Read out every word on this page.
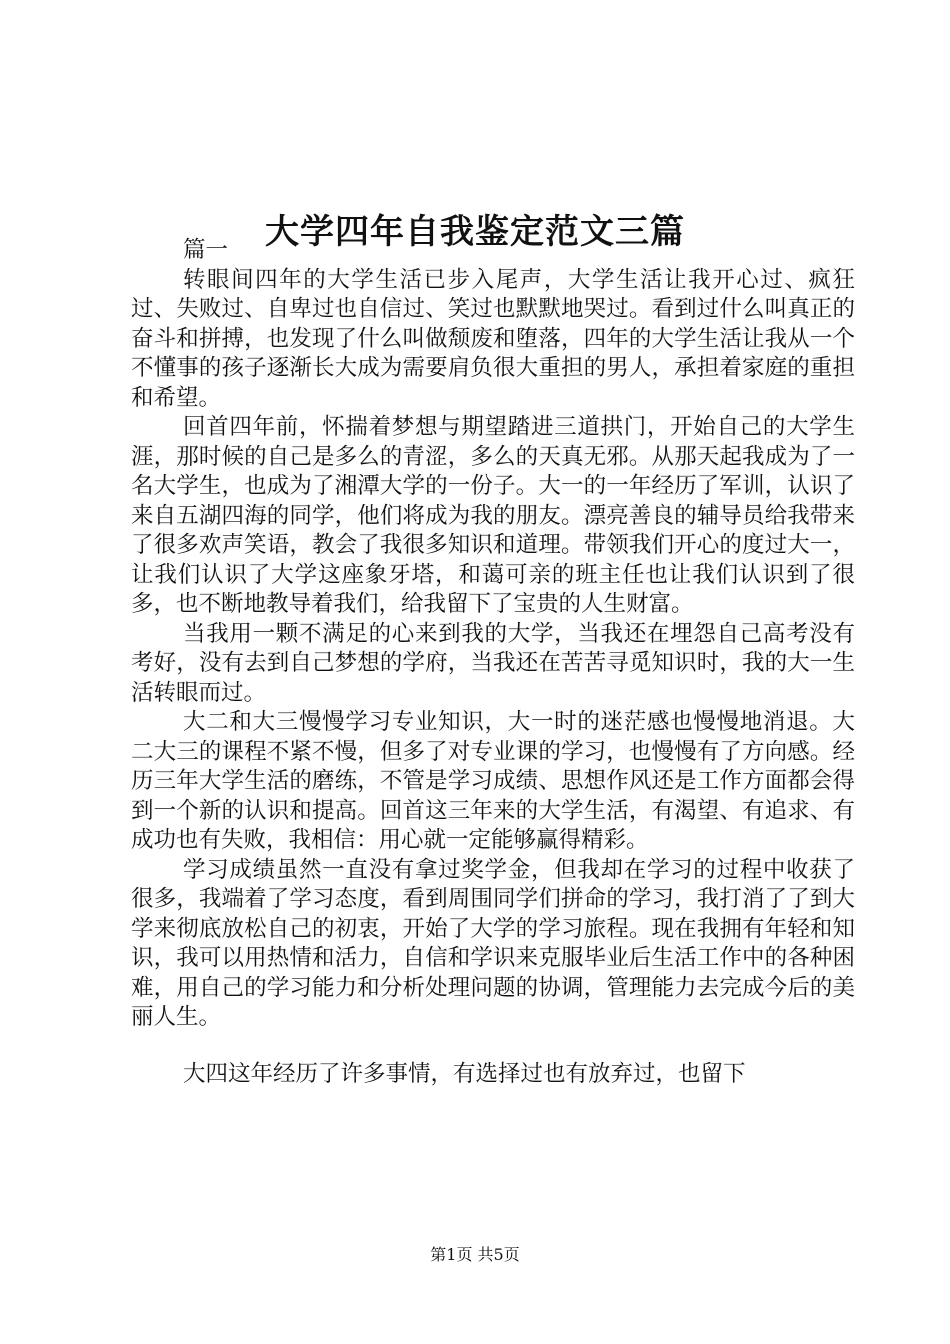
大学四年自我鉴定范文三篇

篇一

转眼间四年的大学生活已步入尾声，大学生活让我开心过、疯狂过、失败过、自卑过也自信过、笑过也默默地哭过。看到过什么叫真正的奋斗和拼搏，也发现了什么叫做颓废和堕落，四年的大学生活让我从一个不懂事的孩子逐渐长大成为需要肩负很大重担的男人，承担着家庭的重担和希望。

回首四年前，怀揣着梦想与期望踏进三道拱门，开始自己的大学生涯，那时候的自己是多么的青涩，多么的天真无邪。从那天起我成为了一名大学生，也成为了湘潭大学的一份子。大一的一年经历了军训，认识了来自五湖四海的同学，他们将成为我的朋友。漂亮善良的辅导员给我带来了很多欢声笑语，教会了我很多知识和道理。带领我们开心的度过大一，让我们认识了大学这座象牙塔，和蔼可亲的班主任也让我们认识到了很多，也不断地教导着我们，给我留下了宝贵的人生财富。

当我用一颗不满足的心来到我的大学，当我还在埋怨自己高考没有考好，没有去到自己梦想的学府，当我还在苦苦寻觅知识时，我的大一生活转眼而过。

大二和大三慢慢学习专业知识，大一时的迷茫感也慢慢地消退。大二大三的课程不紧不慢，但多了对专业课的学习，也慢慢有了方向感。经历三年大学生活的磨练，不管是学习成绩、思想作风还是工作方面都会得到一个新的认识和提高。回首这三年来的大学生活，有渴望、有追求、有成功也有失败，我相信：用心就一定能够赢得精彩。

学习成绩虽然一直没有拿过奖学金，但我却在学习的过程中收获了很多，我端着了学习态度，看到周围同学们拼命的学习，我打消了了到大学来彻底放松自己的初衷，开始了大学的学习旅程。现在我拥有年轻和知识，我可以用热情和活力，自信和学识来克服毕业后生活工作中的各种困难，用自己的学习能力和分析处理问题的协调，管理能力去完成今后的美丽人生。

大四这年经历了许多事情，有选择过也有放弃过，也留下

第1页 共5页
